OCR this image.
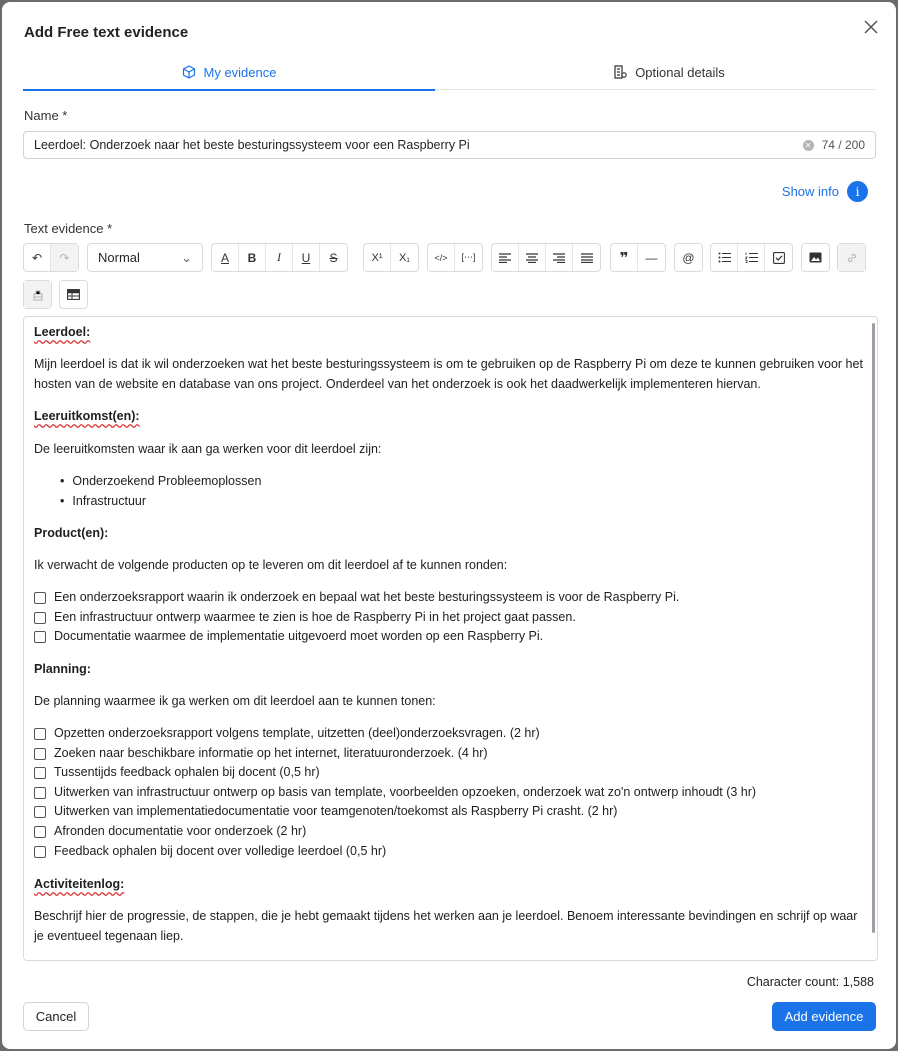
Add Free text evidence
My evidence	Optional details
Name *
Leerdoel: Onderzoek naar het beste besturingssysteem voor een Raspberry Pi	✕ 74 / 200
Show info	i
Text evidence *
↶ ↷ Normal	⌄ A B I U S	X¹ X₁	</> [⋯]	❞ — @
Leerdoel:
Mijn leerdoel is dat ik wil onderzoeken wat het beste besturingssysteem is om te gebruiken op de Raspberry Pi om deze te kunnen gebruiken voor het hosten van de website en database van ons project. Onderdeel van het onderzoek is ook het daadwerkelijk implementeren hiervan.
Leeruitkomst(en):
De leeruitkomsten waar ik aan ga werken voor dit leerdoel zijn:
• Onderzoekend Probleemoplossen
• Infrastructuur
Product(en):
Ik verwacht de volgende producten op te leveren om dit leerdoel af te kunnen ronden:
Een onderzoeksrapport waarin ik onderzoek en bepaal wat het beste besturingssysteem is voor de Raspberry Pi.
Een infrastructuur ontwerp waarmee te zien is hoe de Raspberry Pi in het project gaat passen.
Documentatie waarmee de implementatie uitgevoerd moet worden op een Raspberry Pi.
Planning:
De planning waarmee ik ga werken om dit leerdoel aan te kunnen tonen:
Opzetten onderzoeksrapport volgens template, uitzetten (deel)onderzoeksvragen. (2 hr)
Zoeken naar beschikbare informatie op het internet, literatuuronderzoek. (4 hr)
Tussentijds feedback ophalen bij docent (0,5 hr)
Uitwerken van infrastructuur ontwerp op basis van template, voorbeelden opzoeken, onderzoek wat zo'n ontwerp inhoudt (3 hr)
Uitwerken van implementatiedocumentatie voor teamgenoten/toekomst als Raspberry Pi crasht. (2 hr)
Afronden documentatie voor onderzoek (2 hr)
Feedback ophalen bij docent over volledige leerdoel (0,5 hr)
Activiteitenlog:
Beschrijf hier de progressie, de stappen, die je hebt gemaakt tijdens het werken aan je leerdoel. Benoem interessante bevindingen en schrijf op waar je eventueel tegenaan liep.
Character count: 1,588
Cancel	Add evidence
